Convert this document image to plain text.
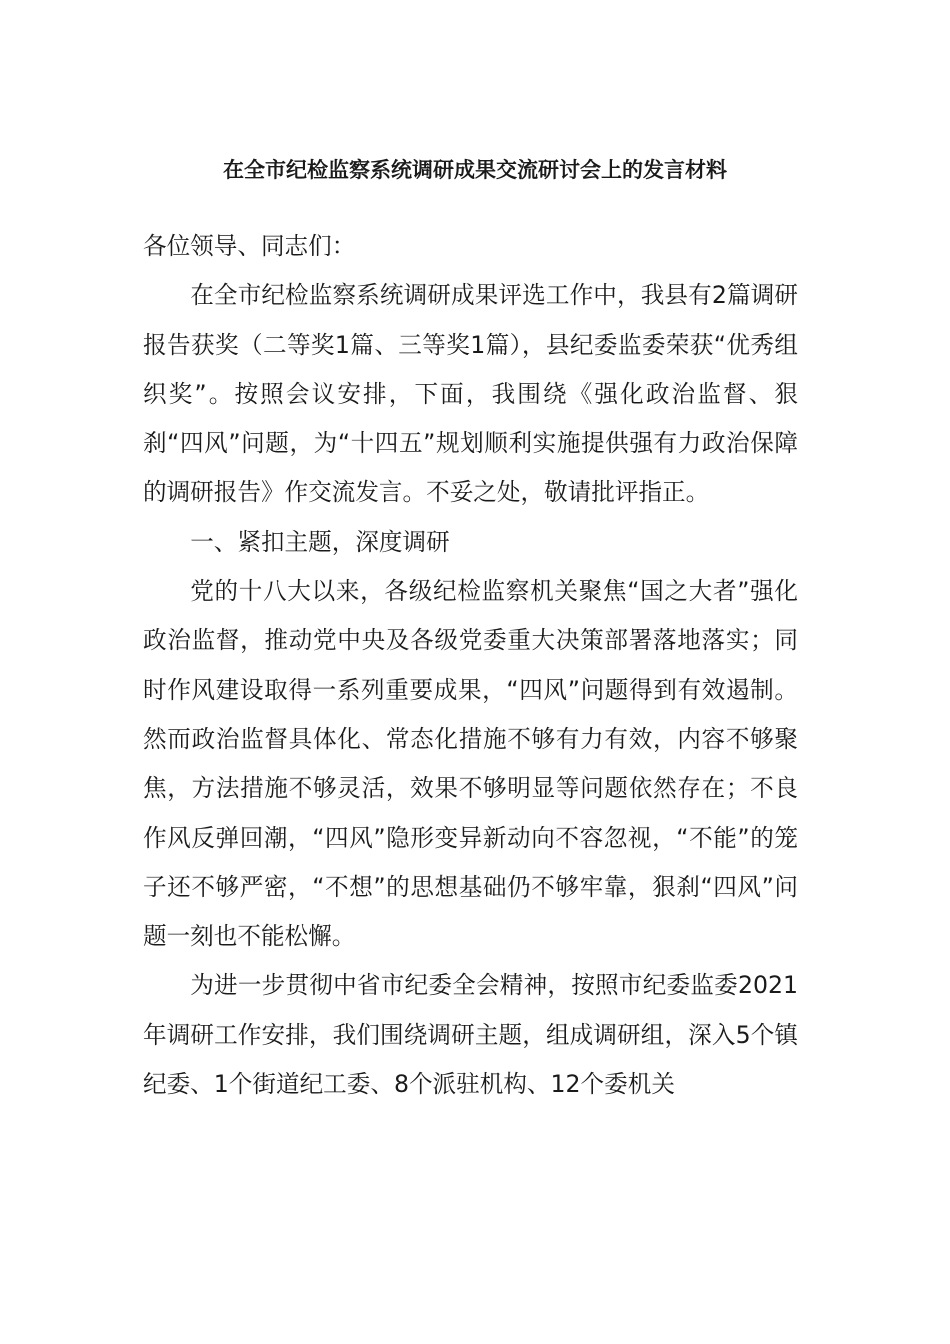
在全市纪检监察系统调研成果交流研讨会上的发言材料

各位领导、同志们：

在全市纪检监察系统调研成果评选工作中，我县有2篇调研报告获奖（二等奖1篇、三等奖1篇），县纪委监委荣获“优秀组织奖”。按照会议安排，下面，我围绕《强化政治监督、狠刹“四风”问题，为“十四五”规划顺利实施提供强有力政治保障的调研报告》作交流发言。不妥之处，敬请批评指正。

一、紧扣主题，深度调研

党的十八大以来，各级纪检监察机关聚焦“国之大者”强化政治监督，推动党中央及各级党委重大决策部署落地落实；同时作风建设取得一系列重要成果，“四风”问题得到有效遏制。然而政治监督具体化、常态化措施不够有力有效，内容不够聚焦，方法措施不够灵活，效果不够明显等问题依然存在；不良作风反弹回潮，“四风”隐形变异新动向不容忽视，“不能”的笼子还不够严密，“不想”的思想基础仍不够牢靠，狠刹“四风”问题一刻也不能松懈。

为进一步贯彻中省市纪委全会精神，按照市纪委监委2021年调研工作安排，我们围绕调研主题，组成调研组，深入5个镇纪委、1个街道纪工委、8个派驻机构、12个委机关
